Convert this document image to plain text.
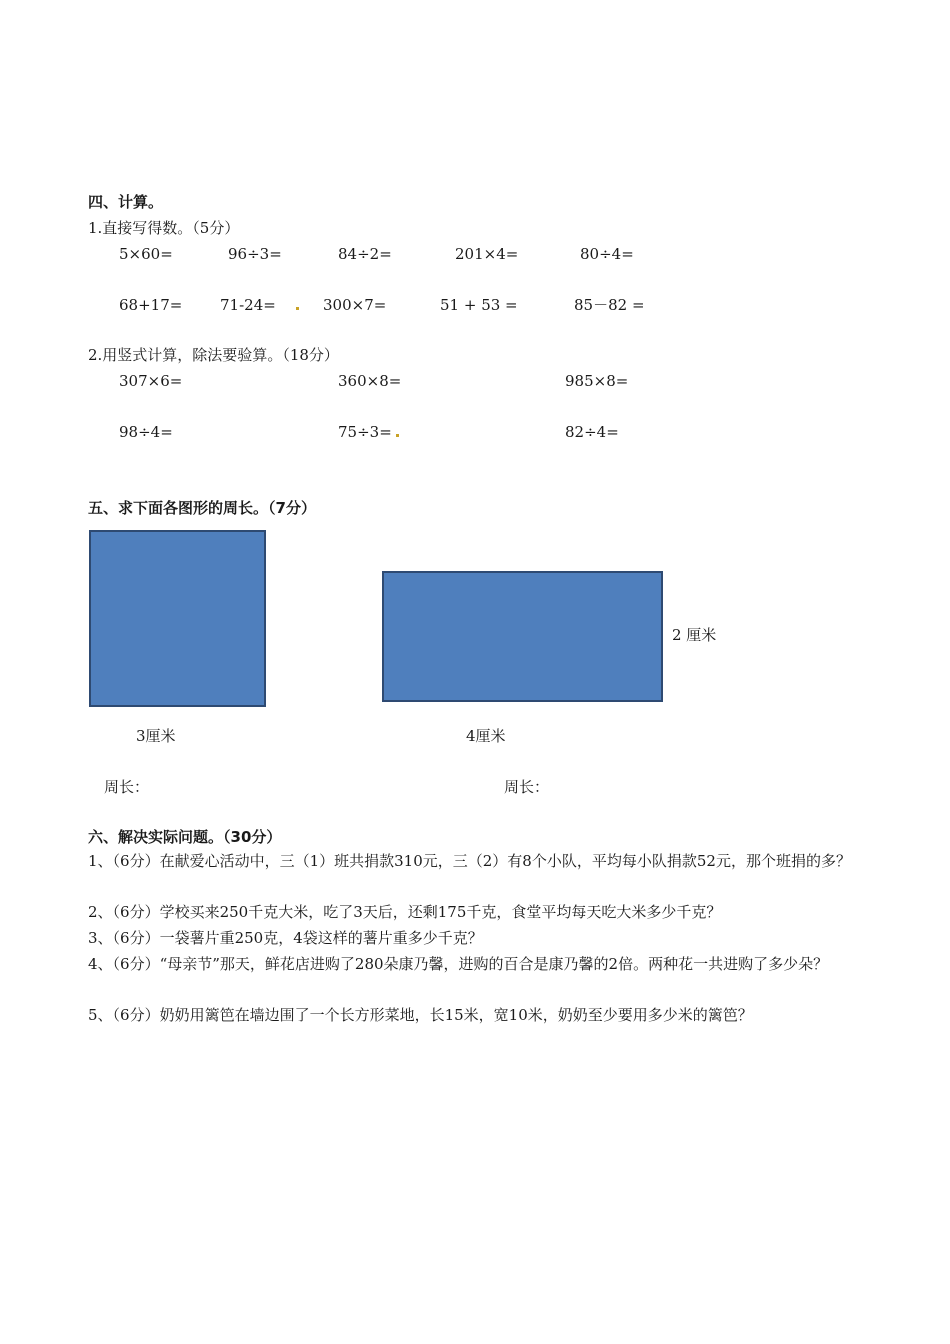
四、计算。
1.直接写得数。（5分）
5×60=	96÷3=	84÷2=	201×4=	80÷4=
68+17=	71-24=	300×7=	51 + 53 =	85－82 =
2.用竖式计算，除法要验算。（18分）
307×6=	360×8=	985×8=
98÷4=	75÷3=	82÷4=
五、求下面各图形的周长。（7分）
2 厘米
3厘米	4厘米
周长：	周长：
六、解决实际问题。（30分）
1、（6分）在献爱心活动中，三（1）班共捐款310元，三（2）有8个小队，平均每小队捐款52元，那个班捐的多？
2、（6分）学校买来250千克大米，吃了3天后，还剩175千克，食堂平均每天吃大米多少千克？
3、（6分）一袋薯片重250克，4袋这样的薯片重多少千克？
4、（6分）“母亲节”那天，鲜花店进购了280朵康乃馨，进购的百合是康乃馨的2倍。两种花一共进购了多少朵？
5、（6分）奶奶用篱笆在墙边围了一个长方形菜地，长15米，宽10米，奶奶至少要用多少米的篱笆？
